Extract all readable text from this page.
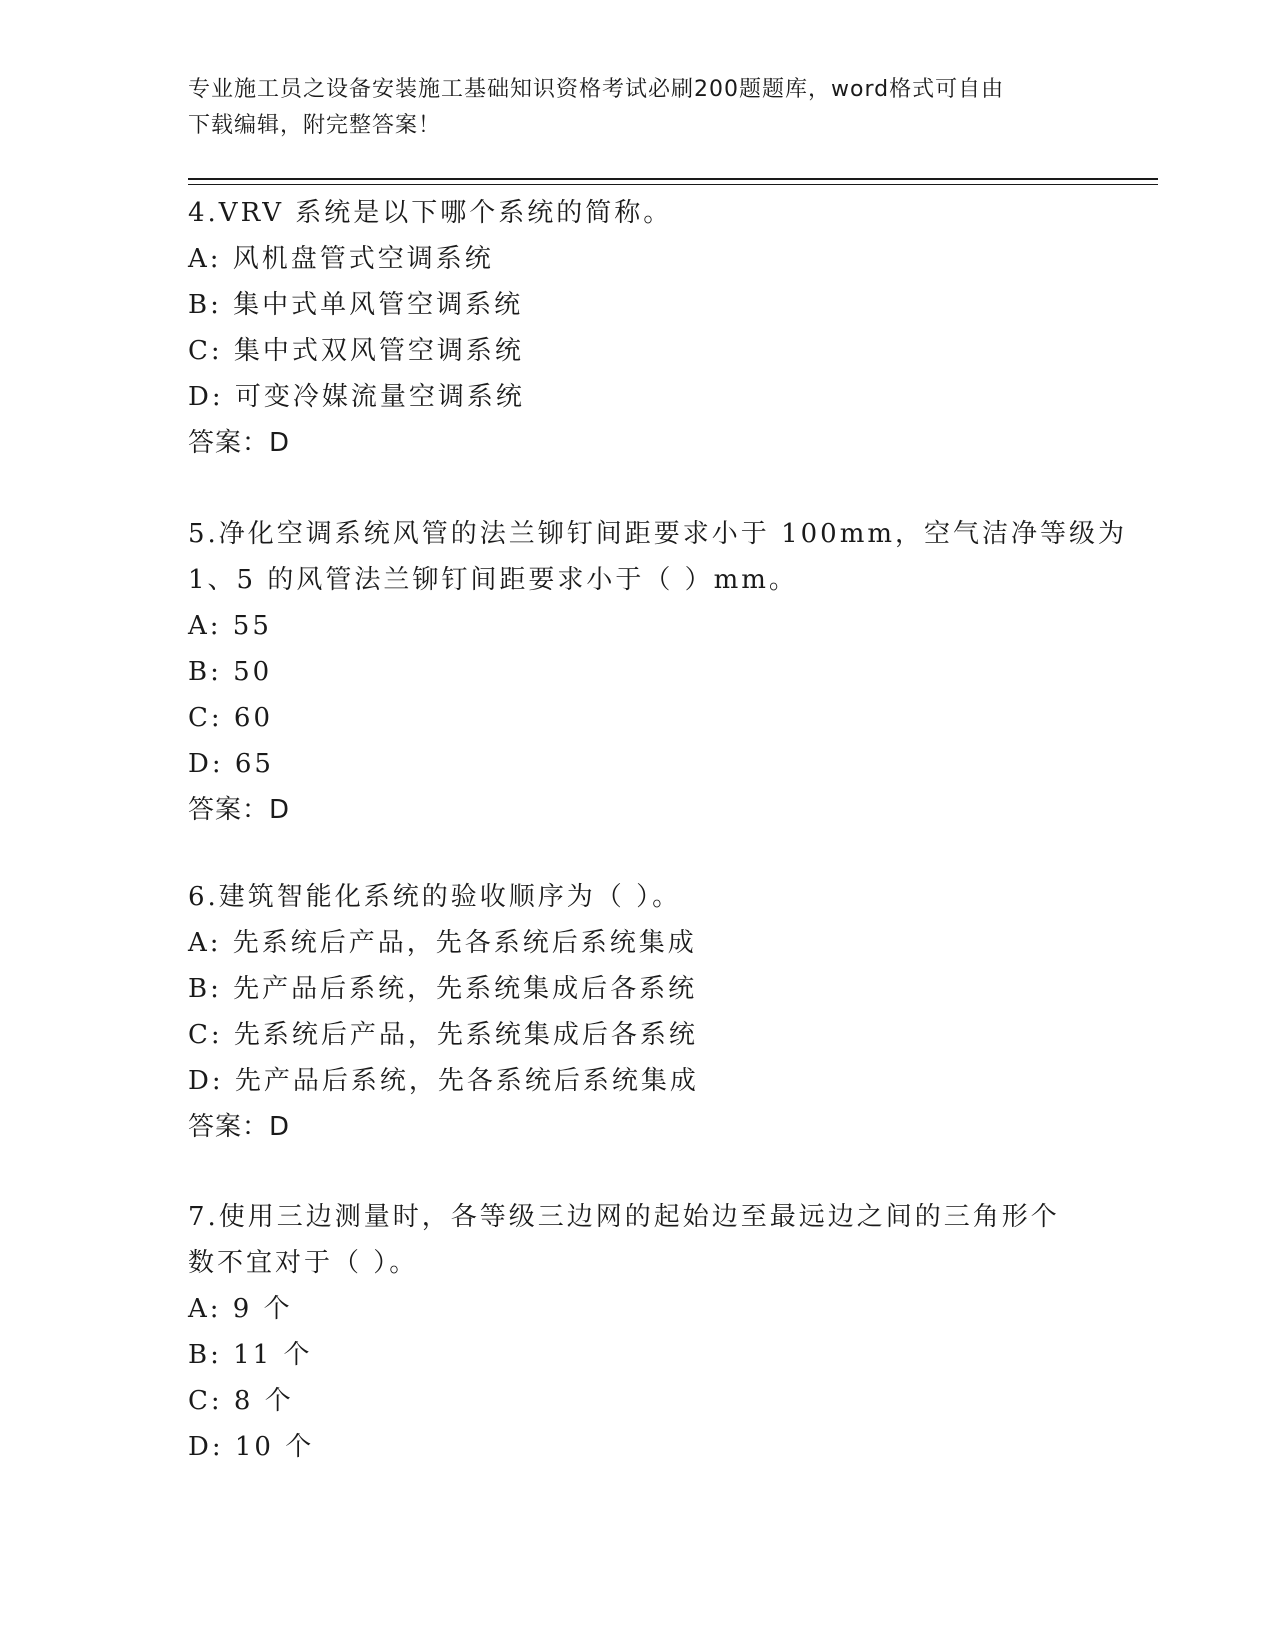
专业施工员之设备安装施工基础知识资格考试必刷200题题库，word格式可自由
下载编辑，附完整答案！
4.VRV 系统是以下哪个系统的简称。
A: 风机盘管式空调系统
B: 集中式单风管空调系统
C: 集中式双风管空调系统
D: 可变冷媒流量空调系统
答案：D
5.净化空调系统风管的法兰铆钉间距要求小于 100mm，空气洁净等级为
1、5 的风管法兰铆钉间距要求小于（ ）mm。
A: 55
B: 50
C: 60
D: 65
答案：D
6.建筑智能化系统的验收顺序为（ ）。
A: 先系统后产品，先各系统后系统集成
B: 先产品后系统，先系统集成后各系统
C: 先系统后产品，先系统集成后各系统
D: 先产品后系统，先各系统后系统集成
答案：D
7.使用三边测量时，各等级三边网的起始边至最远边之间的三角形个
数不宜对于（ ）。
A: 9 个
B: 11 个
C: 8 个
D: 10 个
